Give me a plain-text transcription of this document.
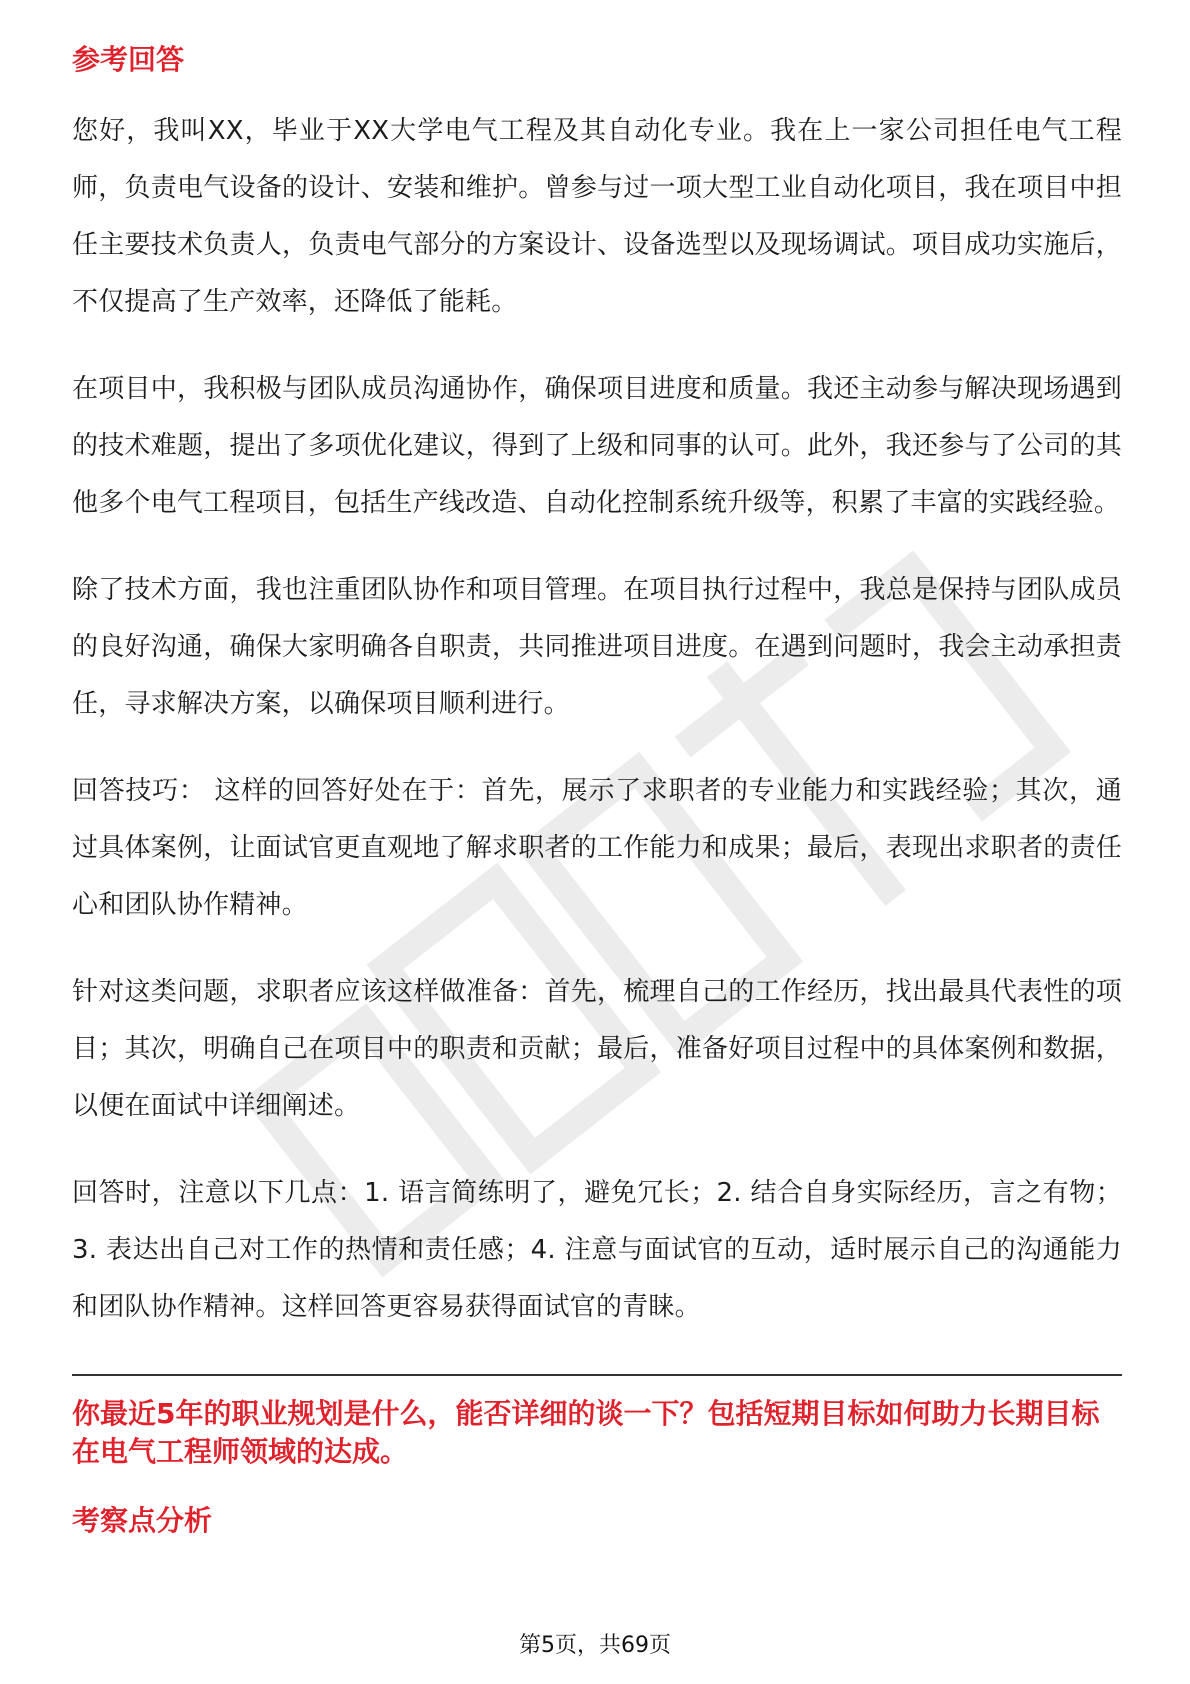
参考回答

您好，我叫XX，毕业于XX大学电气工程及其自动化专业。我在上一家公司担任电气工程师，负责电气设备的设计、安装和维护。曾参与过一项大型工业自动化项目，我在项目中担任主要技术负责人，负责电气部分的方案设计、设备选型以及现场调试。项目成功实施后，不仅提高了生产效率，还降低了能耗。

在项目中，我积极与团队成员沟通协作，确保项目进度和质量。我还主动参与解决现场遇到的技术难题，提出了多项优化建议，得到了上级和同事的认可。此外，我还参与了公司的其他多个电气工程项目，包括生产线改造、自动化控制系统升级等，积累了丰富的实践经验。

除了技术方面，我也注重团队协作和项目管理。在项目执行过程中，我总是保持与团队成员的良好沟通，确保大家明确各自职责，共同推进项目进度。在遇到问题时，我会主动承担责任，寻求解决方案，以确保项目顺利进行。

回答技巧： 这样的回答好处在于：首先，展示了求职者的专业能力和实践经验；其次，通过具体案例，让面试官更直观地了解求职者的工作能力和成果；最后，表现出求职者的责任心和团队协作精神。

针对这类问题，求职者应该这样做准备：首先，梳理自己的工作经历，找出最具代表性的项目；其次，明确自己在项目中的职责和贡献；最后，准备好项目过程中的具体案例和数据，以便在面试中详细阐述。

回答时，注意以下几点：1. 语言简练明了，避免冗长；2. 结合自身实际经历，言之有物；3. 表达出自己对工作的热情和责任感；4. 注意与面试官的互动，适时展示自己的沟通能力和团队协作精神。这样回答更容易获得面试官的青睐。

你最近5年的职业规划是什么，能否详细的谈一下？包括短期目标如何助力长期目标在电气工程师领域的达成。

考察点分析
第5页，共69页
